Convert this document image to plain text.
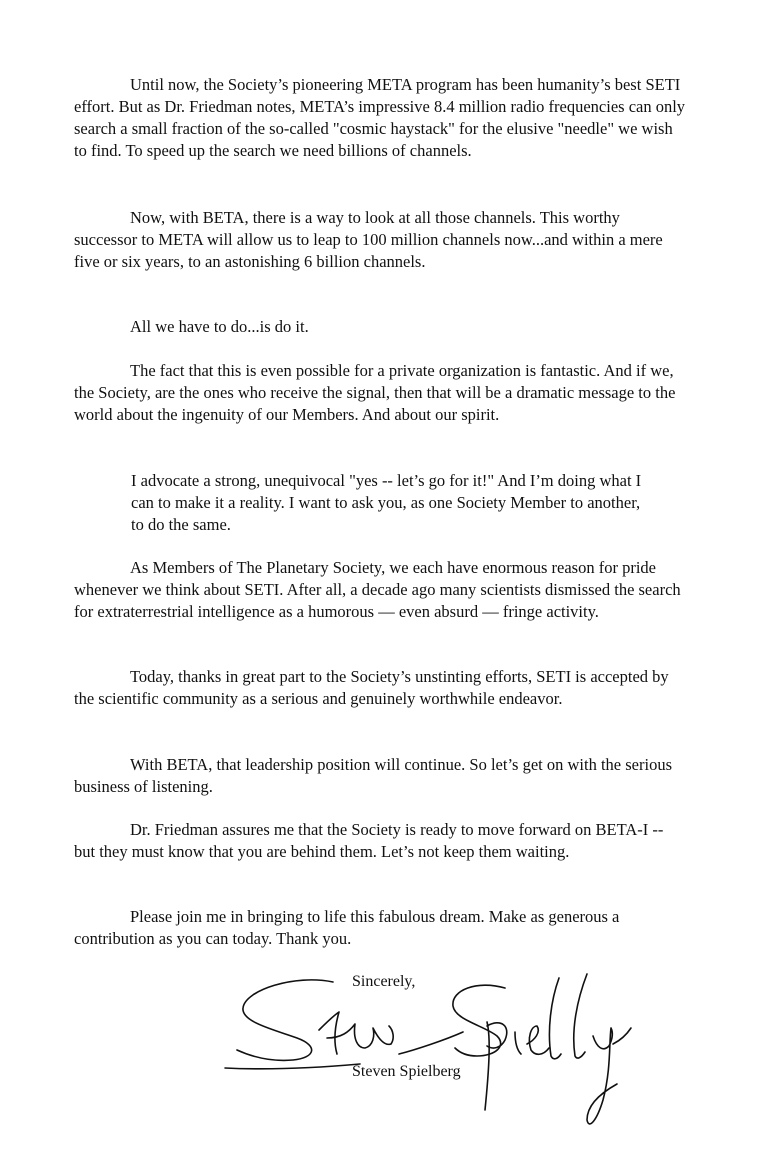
Until now, the Society’s pioneering META program has been humanity’s best SETI effort. But as Dr. Friedman notes, META’s impressive 8.4 million radio frequencies can only search a small fraction of the so-called "cosmic haystack" for the elusive "needle" we wish to find. To speed up the search we need billions of channels.

Now, with BETA, there is a way to look at all those channels. This worthy successor to META will allow us to leap to 100 million channels now...and within a mere five or six years, to an astonishing 6 billion channels.

All we have to do...is do it.

The fact that this is even possible for a private organization is fantastic. And if we, the Society, are the ones who receive the signal, then that will be a dramatic message to the world about the ingenuity of our Members. And about our spirit.

I advocate a strong, unequivocal "yes -- let’s go for it!" And I’m doing what I can to make it a reality. I want to ask you, as one Society Member to another, to do the same.

As Members of The Planetary Society, we each have enormous reason for pride whenever we think about SETI. After all, a decade ago many scientists dismissed the search for extraterrestrial intelligence as a humorous — even absurd — fringe activity.

Today, thanks in great part to the Society’s unstinting efforts, SETI is accepted by the scientific community as a serious and genuinely worthwhile endeavor.

With BETA, that leadership position will continue. So let’s get on with the serious business of listening.

Dr. Friedman assures me that the Society is ready to move forward on BETA-I -- but they must know that you are behind them. Let’s not keep them waiting.

Please join me in bringing to life this fabulous dream. Make as generous a contribution as you can today. Thank you.

Sincerely,
Steven Spielberg
